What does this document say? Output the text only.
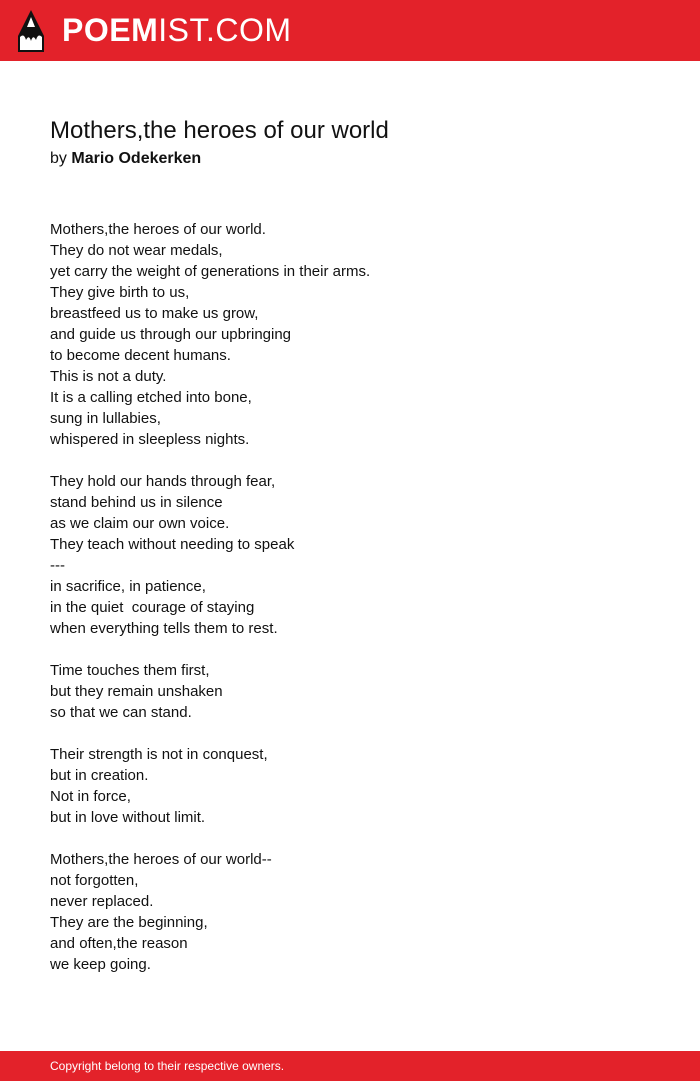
POEMIST.COM
Mothers,the heroes of our world
by Mario Odekerken
Mothers,the heroes of our world.
They do not wear medals,
yet carry the weight of generations in their arms.
They give birth to us,
breastfeed us to make us grow,
and guide us through our upbringing
to become decent humans.
This is not a duty.
It is a calling etched into bone,
sung in lullabies,
whispered in sleepless nights.
They hold our hands through fear,
stand behind us in silence
as we claim our own voice.
They teach without needing to speak
---
in sacrifice, in patience,
in the quiet  courage of staying
when everything tells them to rest.
Time touches them first,
but they remain unshaken
so that we can stand.
Their strength is not in conquest,
but in creation.
Not in force,
but in love without limit.
Mothers,the heroes of our world--
not forgotten,
never replaced.
They are the beginning,
and often,the reason
we keep going.
Copyright belong to their respective owners.
